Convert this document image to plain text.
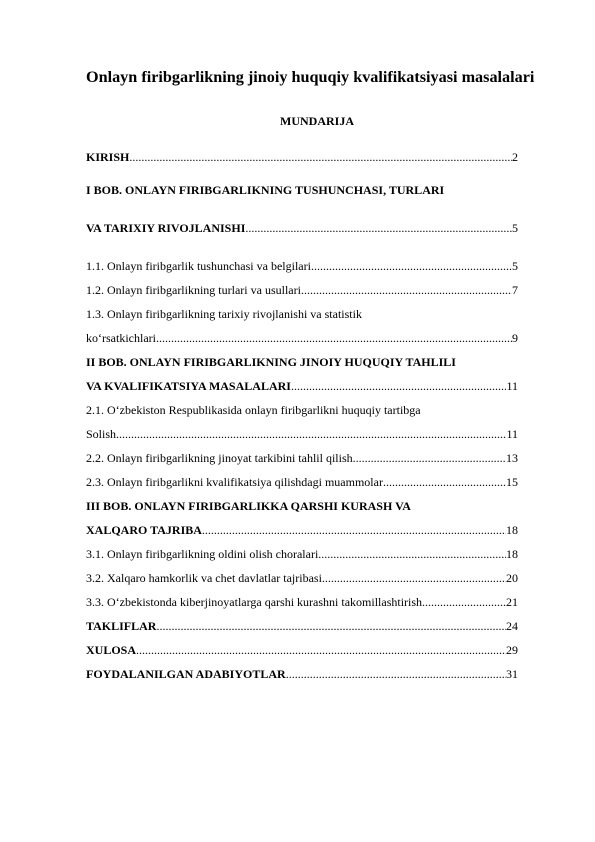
Onlayn firibgarlikning jinoiy huquqiy kvalifikatsiyasi masalalari
MUNDARIJA
KIRISH .....	2
I BOB. ONLAYN FIRIBGARLIKNING TUSHUNCHASI, TURLARI
VA TARIXIY RIVOJLANISHI .....	5
1.1. Onlayn firibgarlik tushunchasi va belgilari .....	5
1.2. Onlayn firibgarlikning turlari va usullari .....	7
1.3. Onlayn firibgarlikning tarixiy rivojlanishi va statistik
ko‘rsatkichlari .....	9
II BOB. ONLAYN FIRIBGARLIKNING JINOIY HUQUQIY TAHLILI
VA KVALIFIKATSIYA MASALALARI .....	11
2.1. O‘zbekiston Respublikasida onlayn firibgarlikni huquqiy tartibga
Solish .....	11
2.2. Onlayn firibgarlikning jinoyat tarkibini tahlil qilish .....	13
2.3. Onlayn firibgarlikni kvalifikatsiya qilishdagi muammolar .....	15
III BOB. ONLAYN FIRIBGARLIKKA QARSHI KURASH VA
XALQARO TAJRIBA .....	18
3.1. Onlayn firibgarlikning oldini olish choralari .....	18
3.2. Xalqaro hamkorlik va chet davlatlar tajribasi .....	20
3.3. O‘zbekistonda kiberjinoyatlarga qarshi kurashni takomillashtirish .....	21
TAKLIFLAR .....	24
XULOSA .....	29
FOYDALANILGAN ADABIYOTLAR .....	31
